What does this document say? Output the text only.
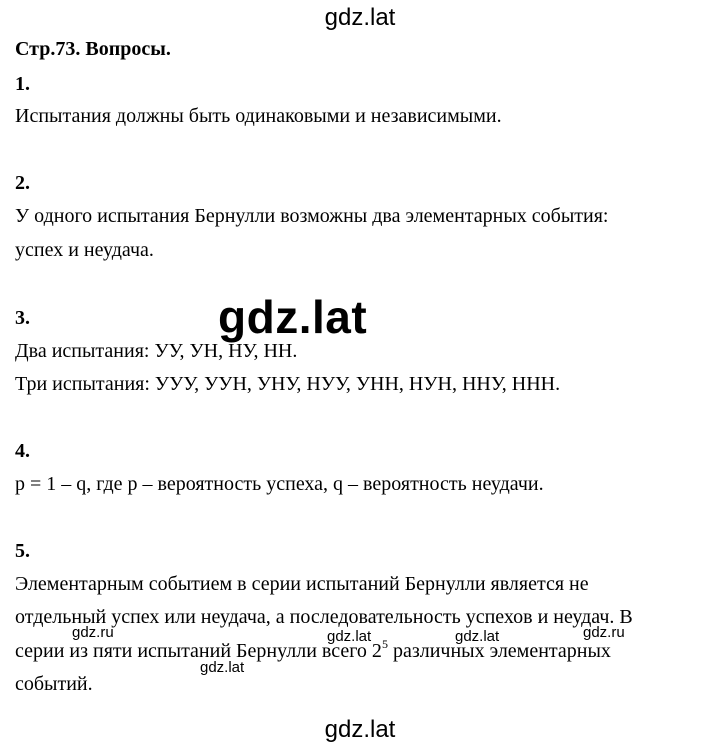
gdz.lat
Стр.73. Вопросы.
1.
Испытания должны быть одинаковыми и независимыми.
2.
У одного испытания Бернулли возможны два элементарных события:
успех и неудача.
3.
Два испытания: УУ, УН, НУ, НН.
Три испытания: УУУ, УУН, УНУ, НУУ, УНН, НУН, ННУ, ННН.
4.
p = 1 – q, где p – вероятность успеха, q – вероятность неудачи.
5.
Элементарным событием в серии испытаний Бернулли является не
отдельный успех или неудача, а последовательность успехов и неудач. В
серии из пяти испытаний Бернулли всего $2^5$ различных элементарных
событий.
gdz.lat
gdz.ru	gdz.lat	gdz.lat	gdz.ru
gdz.lat
gdz.lat
